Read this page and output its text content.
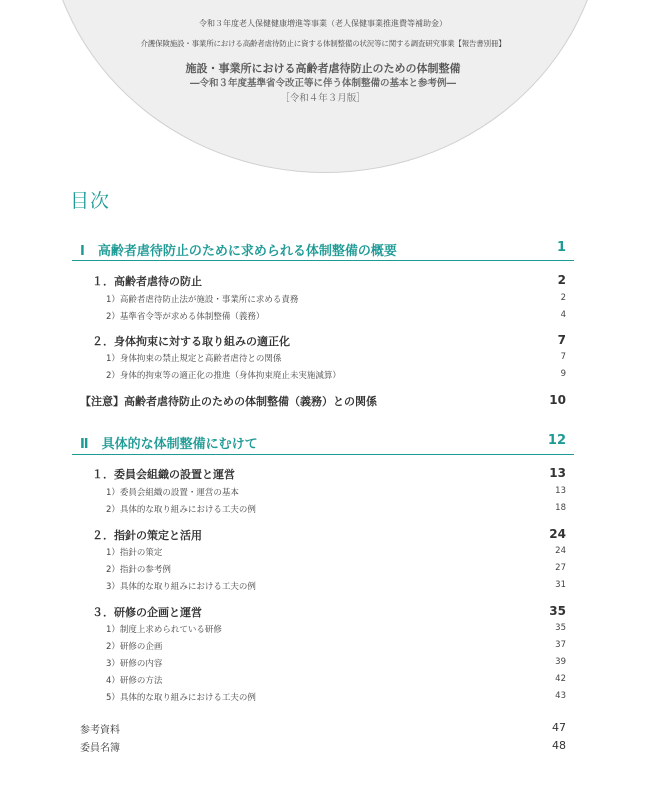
令和３年度老人保健健康増進等事業（老人保健事業推進費等補助金）
介護保険施設・事業所における高齢者虐待防止に資する体制整備の状況等に関する調査研究事業【報告書別冊】
施設・事業所における高齢者虐待防止のための体制整備
―令和３年度基準省令改正等に伴う体制整備の基本と参考例―
［令和４年３月版］
目次
Ⅰ　高齢者虐待防止のために求められる体制整備の概要	1
１．高齢者虐待の防止	2
1）高齢者虐待防止法が施設・事業所に求める責務	2
2）基準省令等が求める体制整備（義務）	4
２．身体拘束に対する取り組みの適正化	7
1）身体拘束の禁止規定と高齢者虐待との関係	7
2）身体的拘束等の適正化の推進（身体拘束廃止未実施減算）	9
【注意】高齢者虐待防止のための体制整備（義務）との関係	10
Ⅱ　具体的な体制整備にむけて	12
１．委員会組織の設置と運営	13
1）委員会組織の設置・運営の基本	13
2）具体的な取り組みにおける工夫の例	18
２．指針の策定と活用	24
1）指針の策定	24
2）指針の参考例	27
3）具体的な取り組みにおける工夫の例	31
３．研修の企画と運営	35
1）制度上求められている研修	35
2）研修の企画	37
3）研修の内容	39
4）研修の方法	42
5）具体的な取り組みにおける工夫の例	43
参考資料	47
委員名簿	48
